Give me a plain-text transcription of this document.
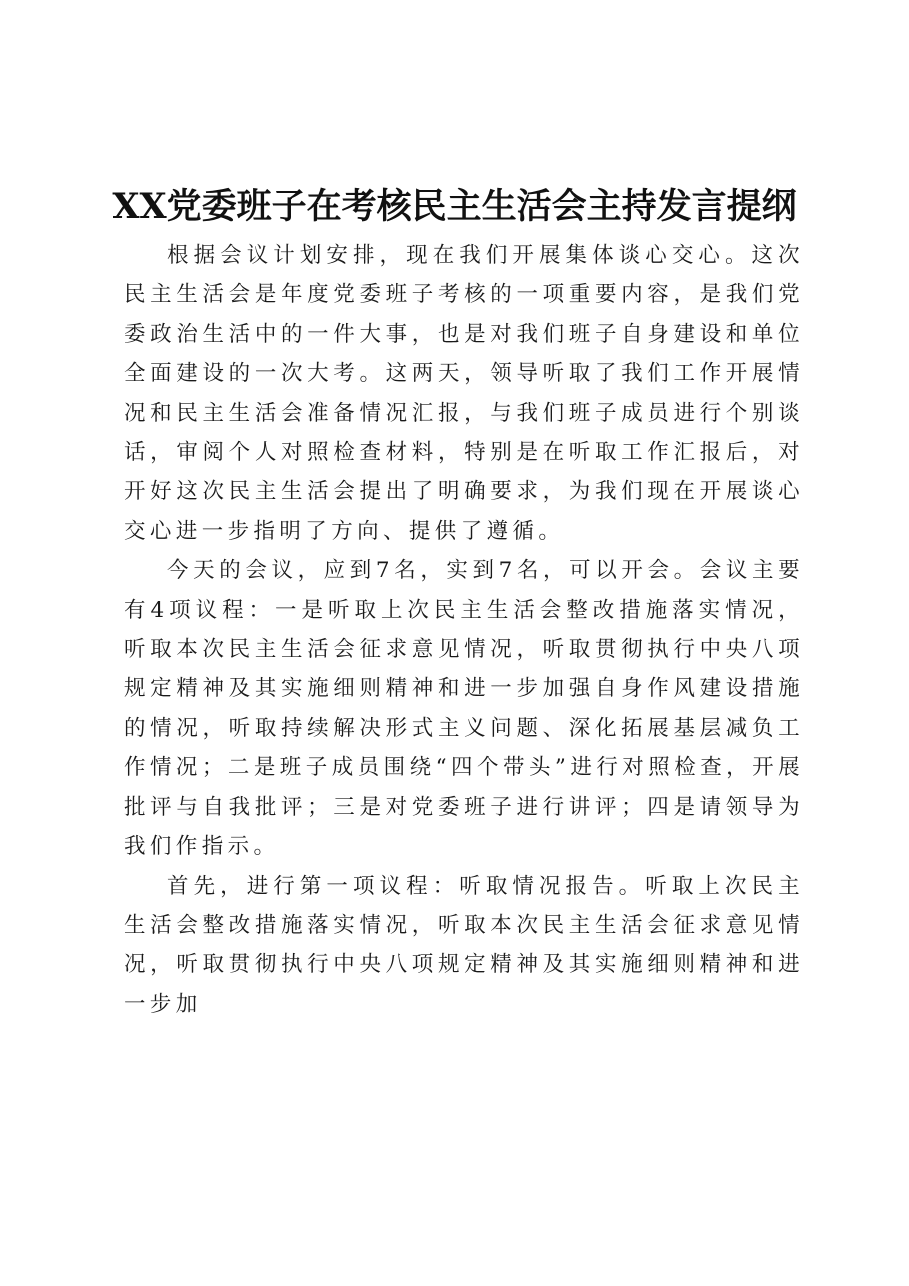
XX党委班子在考核民主生活会主持发言提纲

根据会议计划安排，现在我们开展集体谈心交心。这次民主生活会是年度党委班子考核的一项重要内容，是我们党委政治生活中的一件大事，也是对我们班子自身建设和单位全面建设的一次大考。这两天，领导听取了我们工作开展情况和民主生活会准备情况汇报，与我们班子成员进行个别谈话，审阅个人对照检查材料，特别是在听取工作汇报后，对开好这次民主生活会提出了明确要求，为我们现在开展谈心交心进一步指明了方向、提供了遵循。

今天的会议，应到7名，实到7名，可以开会。会议主要有4项议程：一是听取上次民主生活会整改措施落实情况，听取本次民主生活会征求意见情况，听取贯彻执行中央八项规定精神及其实施细则精神和进一步加强自身作风建设措施的情况，听取持续解决形式主义问题、深化拓展基层减负工作情况；二是班子成员围绕“四个带头”进行对照检查，开展批评与自我批评；三是对党委班子进行讲评；四是请领导为我们作指示。

首先，进行第一项议程：听取情况报告。听取上次民主生活会整改措施落实情况，听取本次民主生活会征求意见情况，听取贯彻执行中央八项规定精神及其实施细则精神和进一步加
